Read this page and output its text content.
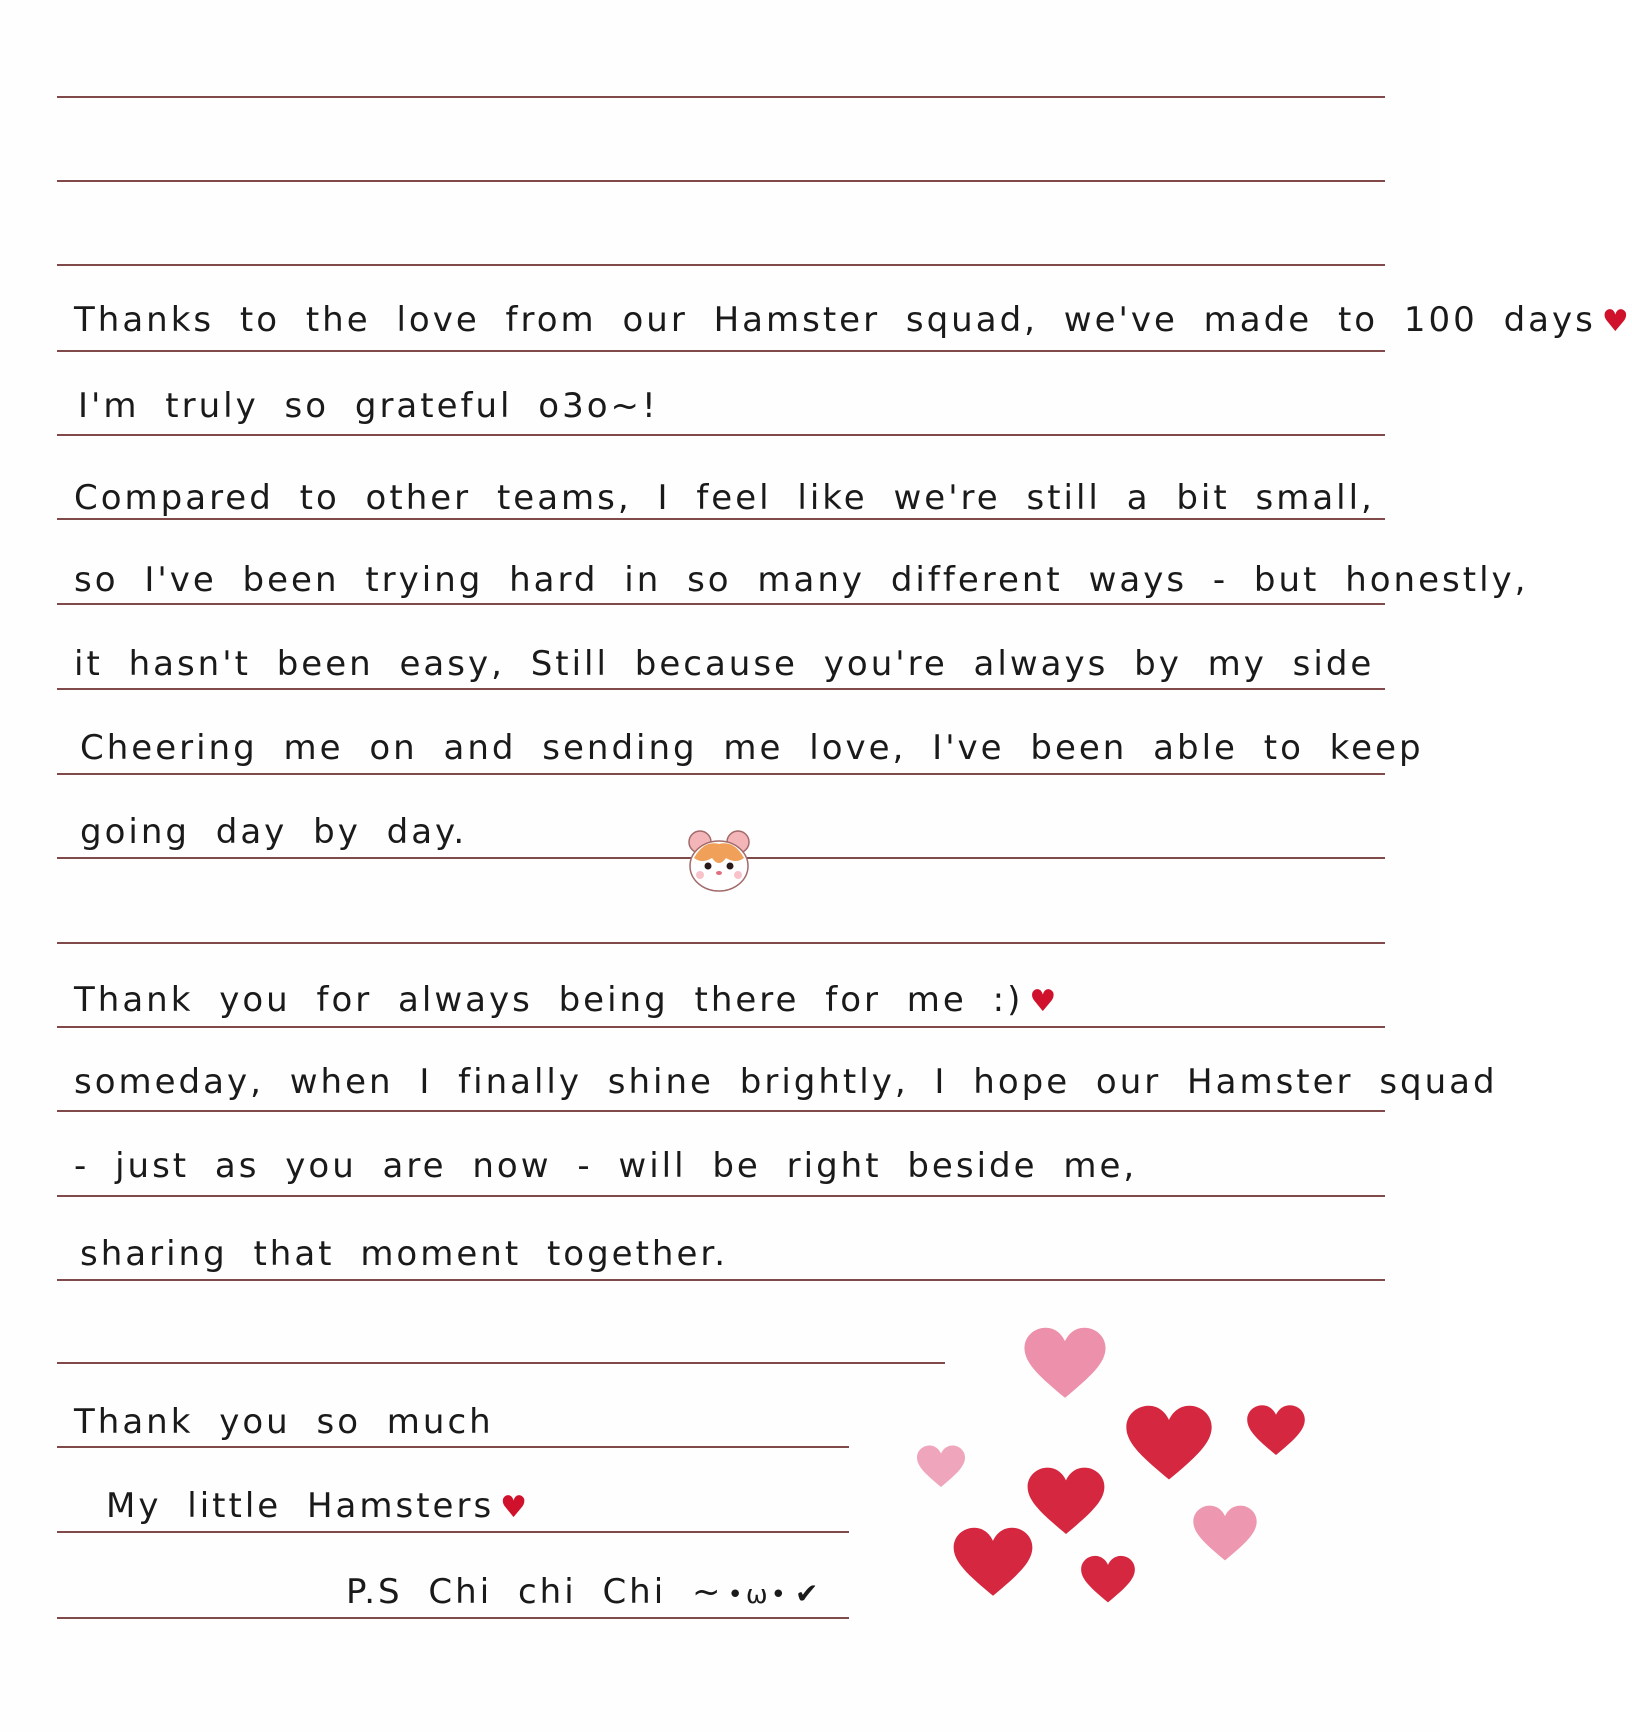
Thanks to the love from our Hamster squad, we've made to 100 days ♥
I'm truly so grateful o3o~!
Compared to other teams, I feel like we're still a bit small,
so I've been trying hard in so many different ways - but honestly,
it hasn't been easy, Still because you're always by my side
Cheering me on and sending me love, I've been able to keep
going day by day.
Thank you for always being there for me :) ♥
someday, when I finally shine brightly, I hope our Hamster squad
- just as you are now - will be right beside me,
sharing that moment together.
Thank you so much
My little Hamsters ♥
P.S Chi chi Chi ~ •ω• ✔
